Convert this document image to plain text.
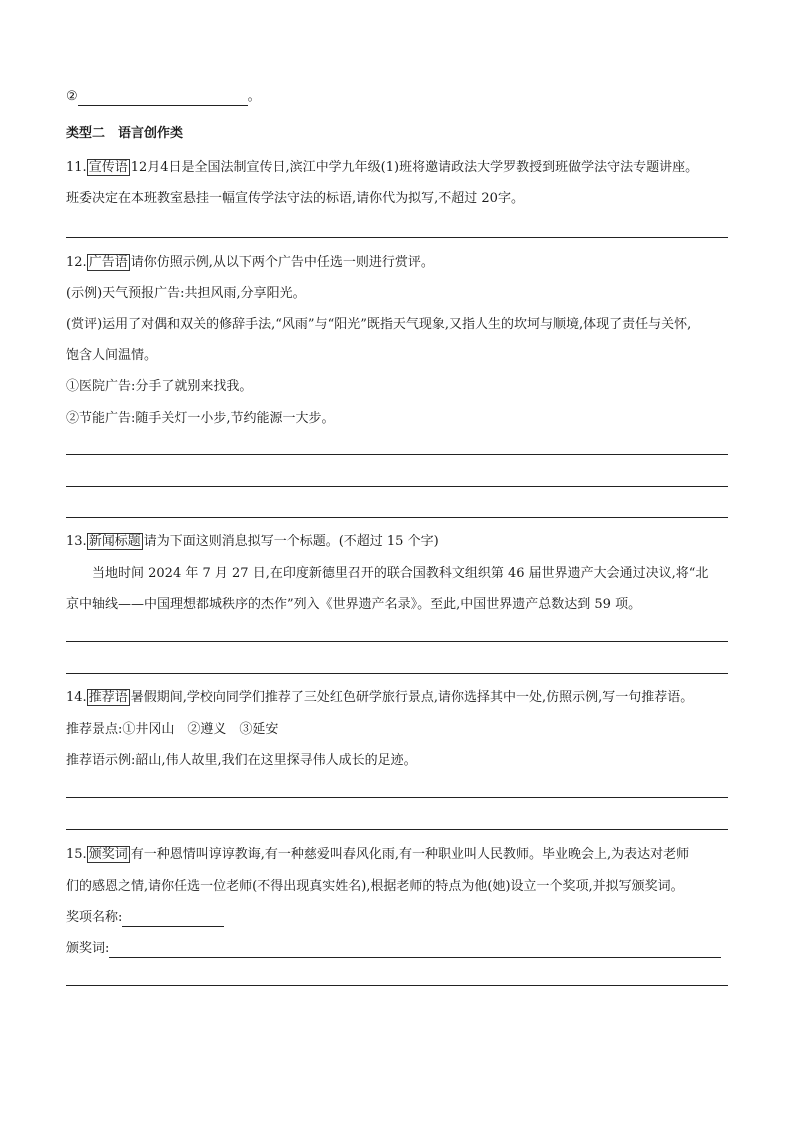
②	。
类型二　语言创作类
11. 宣传语 12月4日是全国法制宣传日,滨江中学九年级(1)班将邀请政法大学罗教授到班做学法守法专题讲座。
班委决定在本班教室悬挂一幅宣传学法守法的标语,请你代为拟写,不超过 20字。
12. 广告语 请你仿照示例,从以下两个广告中任选一则进行赏评。
(示例)天气预报广告:共担风雨,分享阳光。
(赏评)运用了对偶和双关的修辞手法,“风雨”与“阳光”既指天气现象,又指人生的坎坷与顺境,体现了责任与关怀,
饱含人间温情。
①医院广告:分手了就别来找我。
②节能广告:随手关灯一小步,节约能源一大步。
13. 新闻标题 请为下面这则消息拟写一个标题。(不超过 15 个字)
当地时间 2024 年 7 月 27 日,在印度新德里召开的联合国教科文组织第 46 届世界遗产大会通过决议,将“北
京中轴线——中国理想都城秩序的杰作”列入《世界遗产名录》。至此,中国世界遗产总数达到 59 项。
14. 推荐语 暑假期间,学校向同学们推荐了三处红色研学旅行景点,请你选择其中一处,仿照示例,写一句推荐语。
推荐景点:①井冈山　②遵义　③延安
推荐语示例:韶山,伟人故里,我们在这里探寻伟人成长的足迹。
15. 颁奖词 有一种恩情叫谆谆教诲,有一种慈爱叫春风化雨,有一种职业叫人民教师。毕业晚会上,为表达对老师
们的感恩之情,请你任选一位老师(不得出现真实姓名),根据老师的特点为他(她)设立一个奖项,并拟写颁奖词。
奖项名称:
颁奖词:
